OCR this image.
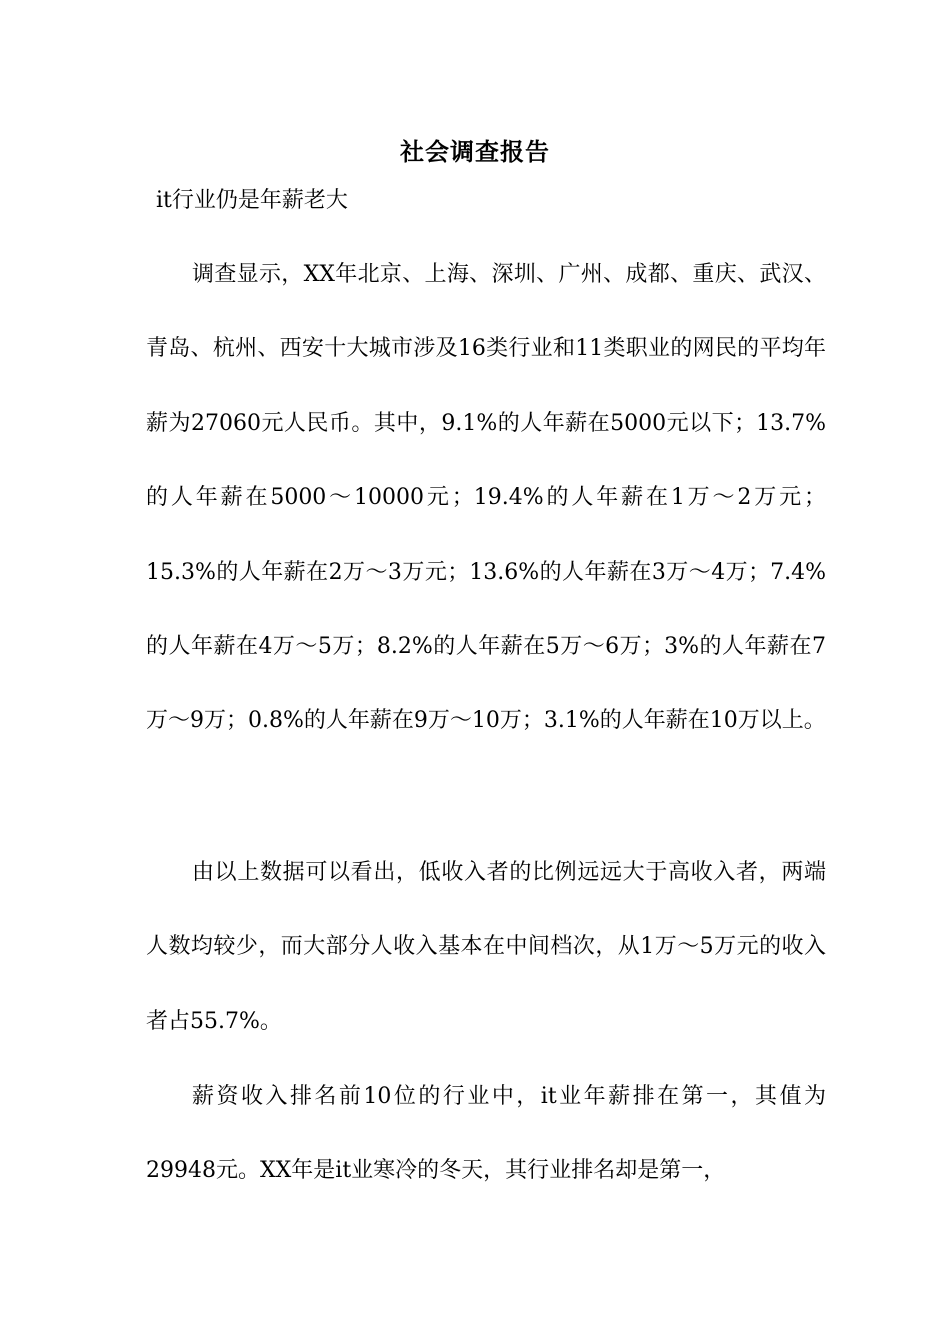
社会调查报告
it行业仍是年薪老大

调查显示，XX年北京、上海、深圳、广州、成都、重庆、武汉、青岛、杭州、西安十大城市涉及16类行业和11类职业的网民的平均年薪为27060元人民币。其中，9.1%的人年薪在5000元以下；13.7%的人年薪在5000～10000元；19.4%的人年薪在1万～2万元；15.3%的人年薪在2万～3万元；13.6%的人年薪在3万～4万；7.4%的人年薪在4万～5万；8.2%的人年薪在5万～6万；3%的人年薪在7万～9万；0.8%的人年薪在9万～10万；3.1%的人年薪在10万以上。

由以上数据可以看出，低收入者的比例远远大于高收入者，两端人数均较少，而大部分人收入基本在中间档次，从1万～5万元的收入者占55.7%。

薪资收入排名前10位的行业中，it业年薪排在第一，其值为29948元。XX年是it业寒冷的冬天，其行业排名却是第一，
